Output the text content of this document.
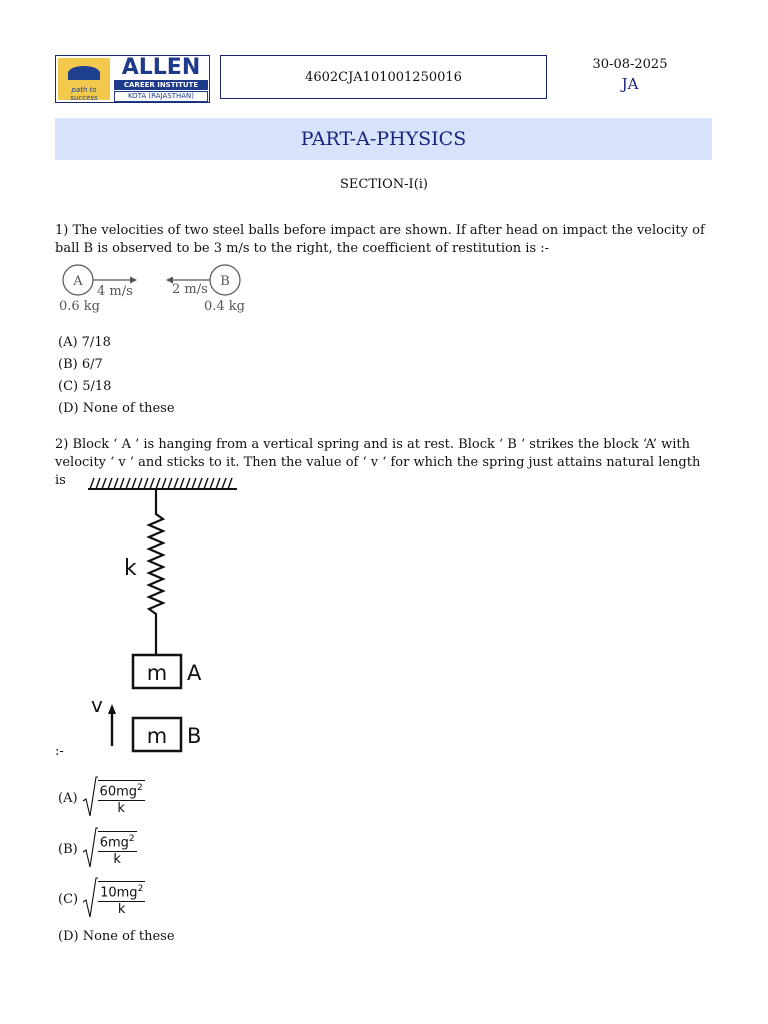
path to success
ALLEN
CAREER INSTITUTE
KOTA (RAJASTHAN)
4602CJA101001250016
30-08-2025
JA
PART-A-PHYSICS
SECTION-I(i)
1) The velocities of two steel balls before impact are shown. If after head on impact the velocity of ball B is observed to be 3 m/s to the right, the coefficient of restitution is :-
A	B
4 m/s	2 m/s
0.6 kg	0.4 kg
(A) 7/18
(B) 6/7
(C) 5/18
(D) None of these
2) Block ‘ A ’ is hanging from a vertical spring and is at rest. Block ‘ B ‘ strikes the block ‘A’ with velocity ‘ v ’ and sticks to it. Then the value of ‘ v ‘ for which the spring just attains natural length is
k
m A
m B
v
:-
$(A) \frac{60mg^2}{k}$
$(B) \frac{6mg^2}{k}$
$(C) \frac{10mg^2}{k}$
(D) None of these
